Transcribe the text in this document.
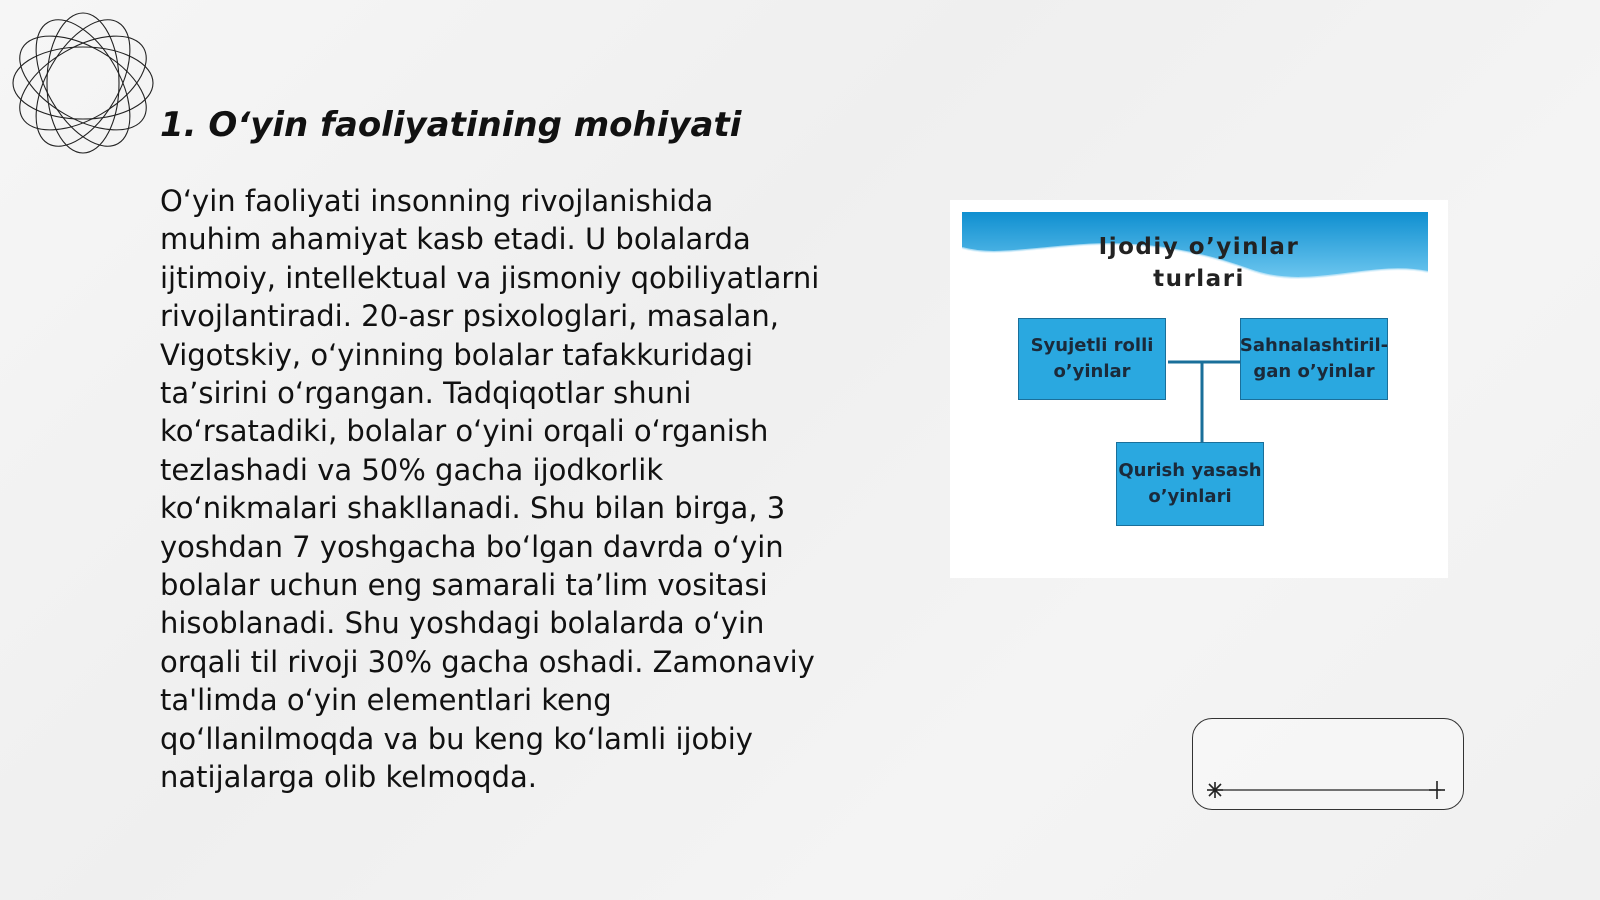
1. O‘yin faoliyatining mohiyati
O‘yin faoliyati insonning rivojlanishida
muhim ahamiyat kasb etadi. U bolalarda
ijtimoiy, intellektual va jismoniy qobiliyatlarni
rivojlantiradi. 20-asr psixologlari, masalan,
Vigotskiy, o‘yinning bolalar tafakkuridagi
ta’sirini o‘rgangan. Tadqiqotlar shuni
ko‘rsatadiki, bolalar o‘yini orqali o‘rganish
tezlashadi va 50% gacha ijodkorlik
ko‘nikmalari shakllanadi. Shu bilan birga, 3
yoshdan 7 yoshgacha bo‘lgan davrda o‘yin
bolalar uchun eng samarali ta’lim vositasi
hisoblanadi. Shu yoshdagi bolalarda o‘yin
orqali til rivoji 30% gacha oshadi. Zamonaviy
ta'limda o‘yin elementlari keng
qo‘llanilmoqda va bu keng ko‘lamli ijobiy
natijalarga olib kelmoqda.
Ijodiy o’yinlar
turlari
Syujetli rolli
o’yinlar
Sahnalashtiril-
gan o’yinlar
Qurish yasash
o’yinlari
